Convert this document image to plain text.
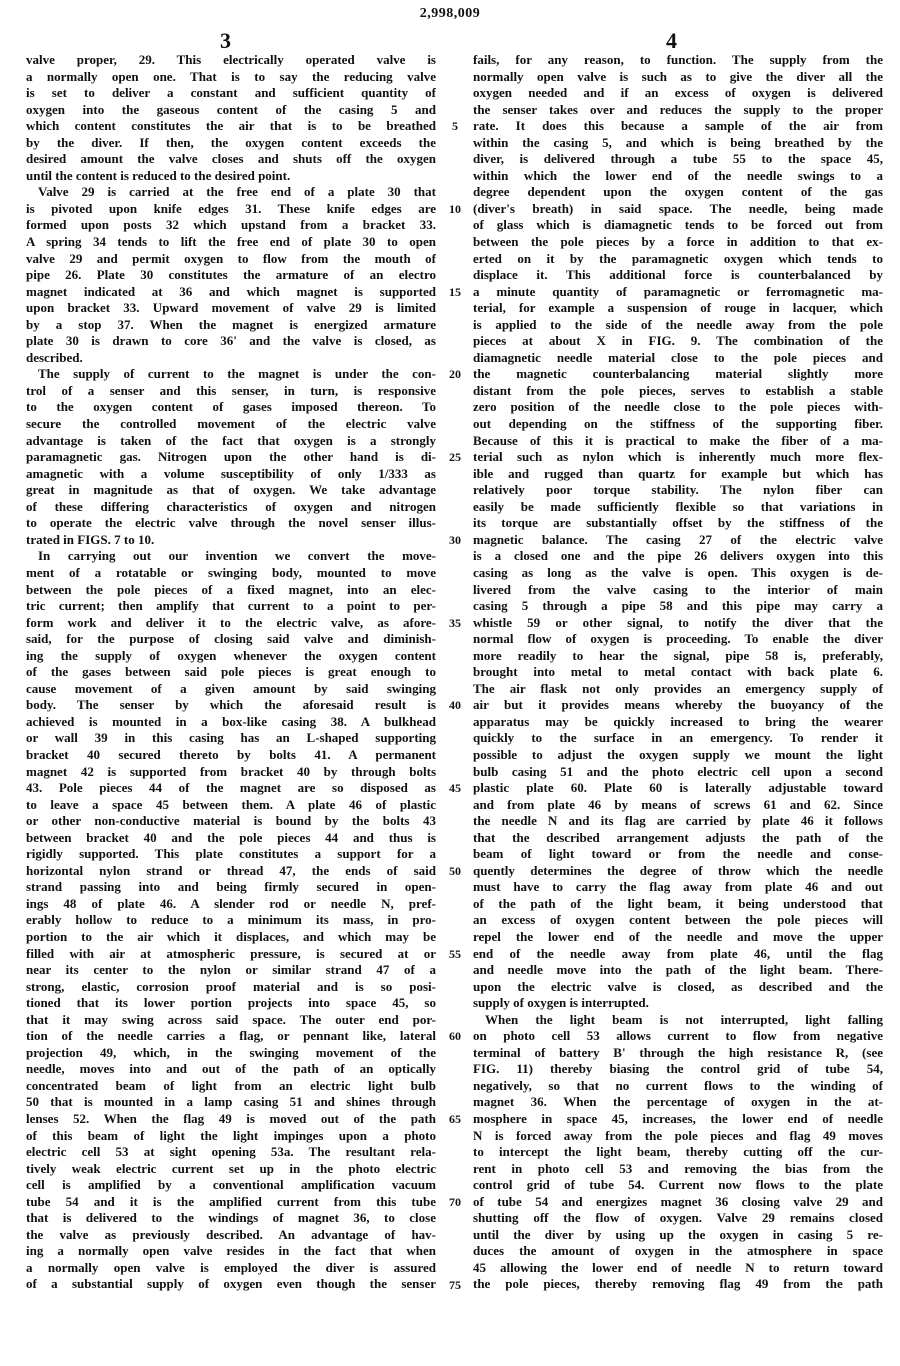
2,998,009
3	4
valve proper, 29. This electrically operated valve is
a normally open one. That is to say the reducing valve
is set to deliver a constant and sufficient quantity of
oxygen into the gaseous content of the casing 5 and
which content constitutes the air that is to be breathed
by the diver. If then, the oxygen content exceeds the
desired amount the valve closes and shuts off the oxygen
until the content is reduced to the desired point.
Valve 29 is carried at the free end of a plate 30 that
is pivoted upon knife edges 31. These knife edges are
formed upon posts 32 which upstand from a bracket 33.
A spring 34 tends to lift the free end of plate 30 to open
valve 29 and permit oxygen to flow from the mouth of
pipe 26. Plate 30 constitutes the armature of an electro
magnet indicated at 36 and which magnet is supported
upon bracket 33. Upward movement of valve 29 is limited
by a stop 37. When the magnet is energized armature
plate 30 is drawn to core 36' and the valve is closed, as
described.
The supply of current to the magnet is under the con-
trol of a senser and this senser, in turn, is responsive
to the oxygen content of gases imposed thereon. To
secure the controlled movement of the electric valve
advantage is taken of the fact that oxygen is a strongly
paramagnetic gas. Nitrogen upon the other hand is di-
amagnetic with a volume susceptibility of only 1/333 as
great in magnitude as that of oxygen. We take advantage
of these differing characteristics of oxygen and nitrogen
to operate the electric valve through the novel senser illus-
trated in FIGS. 7 to 10.
In carrying out our invention we convert the move-
ment of a rotatable or swinging body, mounted to move
between the pole pieces of a fixed magnet, into an elec-
tric current; then amplify that current to a point to per-
form work and deliver it to the electric valve, as afore-
said, for the purpose of closing said valve and diminish-
ing the supply of oxygen whenever the oxygen content
of the gases between said pole pieces is great enough to
cause movement of a given amount by said swinging
body. The senser by which the aforesaid result is
achieved is mounted in a box-like casing 38. A bulkhead
or wall 39 in this casing has an L-shaped supporting
bracket 40 secured thereto by bolts 41. A permanent
magnet 42 is supported from bracket 40 by through bolts
43. Pole pieces 44 of the magnet are so disposed as
to leave a space 45 between them. A plate 46 of plastic
or other non-conductive material is bound by the bolts 43
between bracket 40 and the pole pieces 44 and thus is
rigidly supported. This plate constitutes a support for a
horizontal nylon strand or thread 47, the ends of said
strand passing into and being firmly secured in open-
ings 48 of plate 46. A slender rod or needle N, pref-
erably hollow to reduce to a minimum its mass, in pro-
portion to the air which it displaces, and which may be
filled with air at atmospheric pressure, is secured at or
near its center to the nylon or similar strand 47 of a
strong, elastic, corrosion proof material and is so posi-
tioned that its lower portion projects into space 45, so
that it may swing across said space. The outer end por-
tion of the needle carries a flag, or pennant like, lateral
projection 49, which, in the swinging movement of the
needle, moves into and out of the path of an optically
concentrated beam of light from an electric light bulb
50 that is mounted in a lamp casing 51 and shines through
lenses 52. When the flag 49 is moved out of the path
of this beam of light the light impinges upon a photo
electric cell 53 at sight opening 53a. The resultant rela-
tively weak electric current set up in the photo electric
cell is amplified by a conventional amplification vacuum
tube 54 and it is the amplified current from this tube
that is delivered to the windings of magnet 36, to close
the valve as previously described. An advantage of hav-
ing a normally open valve resides in the fact that when
a normally open valve is employed the diver is assured
of a substantial supply of oxygen even though the senser
fails, for any reason, to function. The supply from the
normally open valve is such as to give the diver all the
oxygen needed and if an excess of oxygen is delivered
the senser takes over and reduces the supply to the proper
rate. It does this because a sample of the air from
within the casing 5, and which is being breathed by the
diver, is delivered through a tube 55 to the space 45,
within which the lower end of the needle swings to a
degree dependent upon the oxygen content of the gas
(diver's breath) in said space. The needle, being made
of glass which is diamagnetic tends to be forced out from
between the pole pieces by a force in addition to that ex-
erted on it by the paramagnetic oxygen which tends to
displace it. This additional force is counterbalanced by
a minute quantity of paramagnetic or ferromagnetic ma-
terial, for example a suspension of rouge in lacquer, which
is applied to the side of the needle away from the pole
pieces at about X in FIG. 9. The combination of the
diamagnetic needle material close to the pole pieces and
the magnetic counterbalancing material slightly more
distant from the pole pieces, serves to establish a stable
zero position of the needle close to the pole pieces with-
out depending on the stiffness of the supporting fiber.
Because of this it is practical to make the fiber of a ma-
terial such as nylon which is inherently much more flex-
ible and rugged than quartz for example but which has
relatively poor torque stability. The nylon fiber can
easily be made sufficiently flexible so that variations in
its torque are substantially offset by the stiffness of the
magnetic balance. The casing 27 of the electric valve
is a closed one and the pipe 26 delivers oxygen into this
casing as long as the valve is open. This oxygen is de-
livered from the valve casing to the interior of main
casing 5 through a pipe 58 and this pipe may carry a
whistle 59 or other signal, to notify the diver that the
normal flow of oxygen is proceeding. To enable the diver
more readily to hear the signal, pipe 58 is, preferably,
brought into metal to metal contact with back plate 6.
The air flask not only provides an emergency supply of
air but it provides means whereby the buoyancy of the
apparatus may be quickly increased to bring the wearer
quickly to the surface in an emergency. To render it
possible to adjust the oxygen supply we mount the light
bulb casing 51 and the photo electric cell upon a second
plastic plate 60. Plate 60 is laterally adjustable toward
and from plate 46 by means of screws 61 and 62. Since
the needle N and its flag are carried by plate 46 it follows
that the described arrangement adjusts the path of the
beam of light toward or from the needle and conse-
quently determines the degree of throw which the needle
must have to carry the flag away from plate 46 and out
of the path of the light beam, it being understood that
an excess of oxygen content between the pole pieces will
repel the lower end of the needle and move the upper
end of the needle away from plate 46, until the flag
and needle move into the path of the light beam. There-
upon the electric valve is closed, as described and the
supply of oxygen is interrupted.
When the light beam is not interrupted, light falling
on photo cell 53 allows current to flow from negative
terminal of battery B' through the high resistance R, (see
FIG. 11) thereby biasing the control grid of tube 54,
negatively, so that no current flows to the winding of
magnet 36. When the percentage of oxygen in the at-
mosphere in space 45, increases, the lower end of needle
N is forced away from the pole pieces and flag 49 moves
to intercept the light beam, thereby cutting off the cur-
rent in photo cell 53 and removing the bias from the
control grid of tube 54. Current now flows to the plate
of tube 54 and energizes magnet 36 closing valve 29 and
shutting off the flow of oxygen. Valve 29 remains closed
until the diver by using up the oxygen in casing 5 re-
duces the amount of oxygen in the atmosphere in space
45 allowing the lower end of needle N to return toward
the pole pieces, thereby removing flag 49 from the path
5
10
15
20
25
30
35
40
45
50
55
60
65
70
75
